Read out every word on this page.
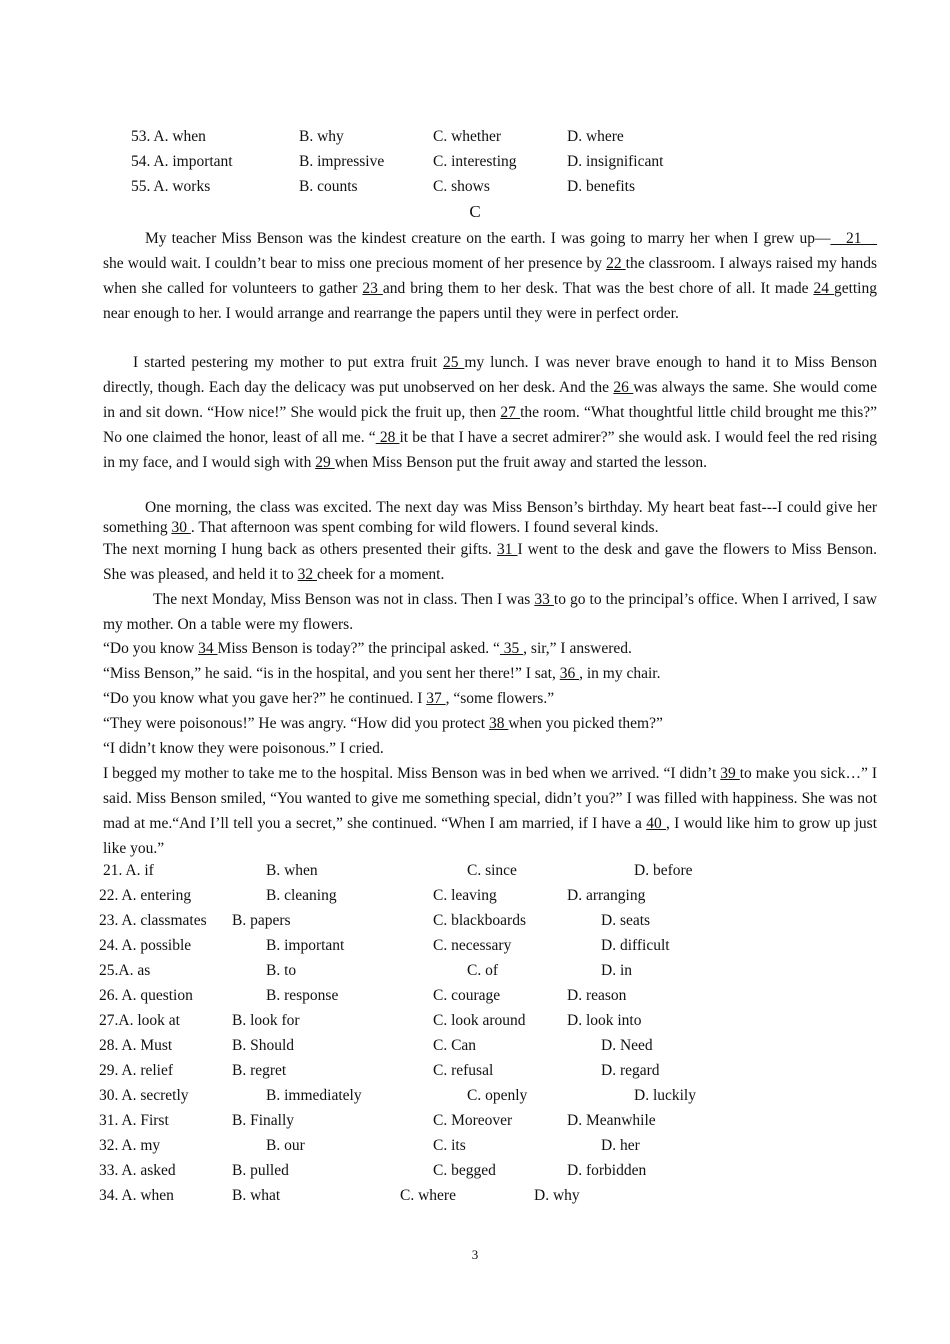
53. A. when	B. why	C. whether	D. where
54. A. important	B. impressive	C. interesting	D. insignificant
55. A. works	B. counts	C. shows	D. benefits
C
My teacher Miss Benson was the kindest creature on the earth. I was going to marry her when I grew up—__21__ she would wait. I couldn’t bear to miss one precious moment of her presence by 22 the classroom. I always raised my hands when she called for volunteers to gather 23 and bring them to her desk. That was the best chore of all. It made 24 getting near enough to her. I would arrange and rearrange the papers until they were in perfect order.
I started pestering my mother to put extra fruit 25 my lunch. I was never brave enough to hand it to Miss Benson directly, though. Each day the delicacy was put unobserved on her desk. And the 26 was always the same. She would come in and sit down. “How nice!” She would pick the fruit up, then 27 the room. “What thoughtful little child brought me this?” No one claimed the honor, least of all me. “ 28 it be that I have a secret admirer?” she would ask. I would feel the red rising in my face, and I would sigh with 29 when Miss Benson put the fruit away and started the lesson.
One morning, the class was excited. The next day was Miss Benson’s birthday. My heart beat fast---I could give her something 30 . That afternoon was spent combing for wild flowers. I found several kinds.
The next morning I hung back as others presented their gifts. 31 I went to the desk and gave the flowers to Miss Benson. She was pleased, and held it to 32 cheek for a moment.
The next Monday, Miss Benson was not in class. Then I was 33 to go to the principal’s office. When I arrived, I saw my mother. On a table were my flowers.
“Do you know 34 Miss Benson is today?” the principal asked. “ 35 , sir,” I answered.
“Miss Benson,” he said. “is in the hospital, and you sent her there!” I sat, 36 , in my chair.
“Do you know what you gave her?” he continued. I 37 , “some flowers.”
“They were poisonous!” He was angry. “How did you protect 38 when you picked them?”
“I didn’t know they were poisonous.” I cried.
I begged my mother to take me to the hospital. Miss Benson was in bed when we arrived. “I didn’t 39 to make you sick…” I said. Miss Benson smiled, “You wanted to give me something special, didn’t you?” I was filled with happiness. She was not mad at me.“And I’ll tell you a secret,” she continued. “When I am married, if I have a 40 , I would like him to grow up just like you.”
21. A. if	B. when	C. since	D. before
22. A. entering	B. cleaning	C. leaving	D. arranging
23. A. classmates B. papers	C. blackboards	D. seats
24. A. possible	B. important	C. necessary	D. difficult
25.A. as	B. to	C. of	D. in
26. A. question	B. response	C. courage	D. reason
27.A. look at	B. look for	C. look around	D. look into
28. A. Must	B. Should	C. Can	D. Need
29. A. relief	B. regret	C. refusal	D. regard
30. A. secretly	B. immediately	C. openly	D. luckily
31. A. First	B. Finally	C. Moreover	D. Meanwhile
32. A. my	B. our	C. its	D. her
33. A. asked	B. pulled	C. begged	D. forbidden
34. A. when	B. what	C. where	D. why
3
